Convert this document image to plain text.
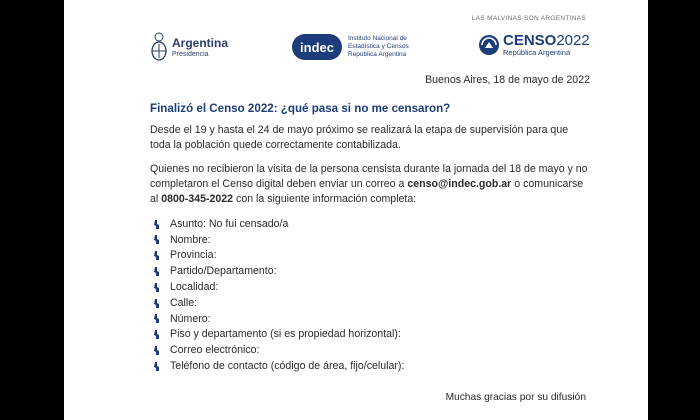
LAS MALVINAS SON ARGENTINAS
Argentina
Presidencia	indec
Instituto Nacional de
Estadística y Censos
República Argentina
CENSO2022
República Argentina
Buenos Aires, 18 de mayo de 2022
Finalizó el Censo 2022: ¿qué pasa si no me censaron?

Desde el 19 y hasta el 24 de mayo próximo se realizará la etapa de supervisión para que toda la población quede correctamente contabilizada.

Quienes no recibieron la visita de la persona censista durante la jornada del 18 de mayo y no completaron el Censo digital deben enviar un correo a censo@indec.gob.ar o comunicarse al 0800-345-2022 con la siguiente información completa:

Asunto: No fui censado/a
Nombre:
Provincia:
Partido/Departamento:
Localidad:
Calle:
Número:
Piso y departamento (si es propiedad horizontal):
Correo electrónico:
Teléfono de contacto (código de área, fijo/celular):
Muchas gracias por su difusión
